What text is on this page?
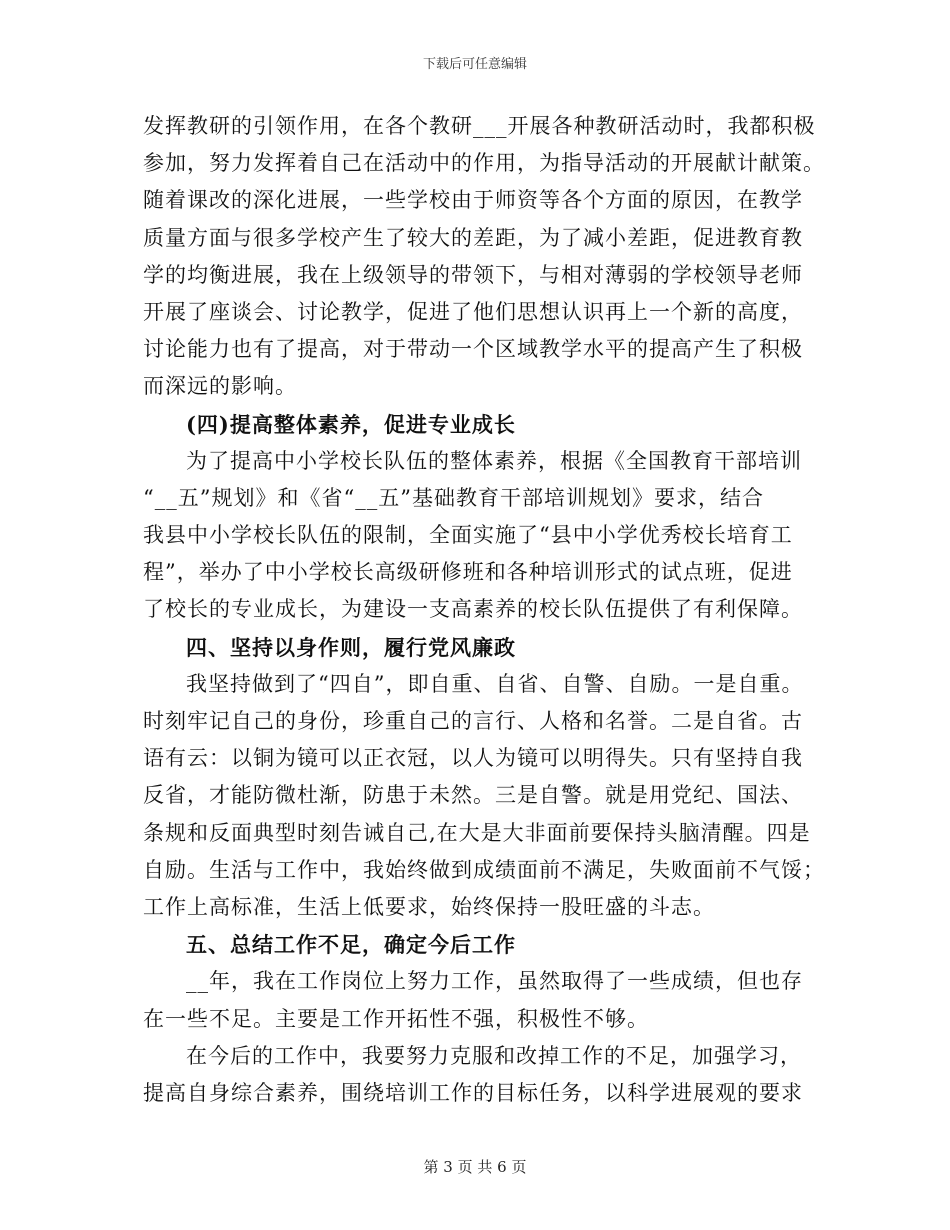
下载后可任意编辑
发挥教研的引领作用，在各个教研___开展各种教研活动时，我都积极
参加，努力发挥着自己在活动中的作用，为指导活动的开展献计献策。
随着课改的深化进展，一些学校由于师资等各个方面的原因，在教学
质量方面与很多学校产生了较大的差距，为了减小差距，促进教育教
学的均衡进展，我在上级领导的带领下，与相对薄弱的学校领导老师
开展了座谈会、讨论教学，促进了他们思想认识再上一个新的高度，
讨论能力也有了提高，对于带动一个区域教学水平的提高产生了积极
而深远的影响。
(四)提高整体素养，促进专业成长
为了提高中小学校长队伍的整体素养，根据《全国教育干部培训
“__五”规划》和《省“__五”基础教育干部培训规划》要求，结合
我县中小学校长队伍的限制，全面实施了“县中小学优秀校长培育工
程”，举办了中小学校长高级研修班和各种培训形式的试点班，促进
了校长的专业成长，为建设一支高素养的校长队伍提供了有利保障。
四、坚持以身作则，履行党风廉政
我坚持做到了“四自”，即自重、自省、自警、自励。一是自重。
时刻牢记自己的身份，珍重自己的言行、人格和名誉。二是自省。古
语有云：以铜为镜可以正衣冠，以人为镜可以明得失。只有坚持自我
反省，才能防微杜渐，防患于未然。三是自警。就是用党纪、国法、
条规和反面典型时刻告诫自己,在大是大非面前要保持头脑清醒。四是
自励。生活与工作中，我始终做到成绩面前不满足，失败面前不气馁；
工作上高标准，生活上低要求，始终保持一股旺盛的斗志。
五、总结工作不足，确定今后工作
__年，我在工作岗位上努力工作，虽然取得了一些成绩，但也存
在一些不足。主要是工作开拓性不强，积极性不够。
在今后的工作中，我要努力克服和改掉工作的不足，加强学习，
提高自身综合素养，围绕培训工作的目标任务，以科学进展观的要求
第 3 页 共 6 页
